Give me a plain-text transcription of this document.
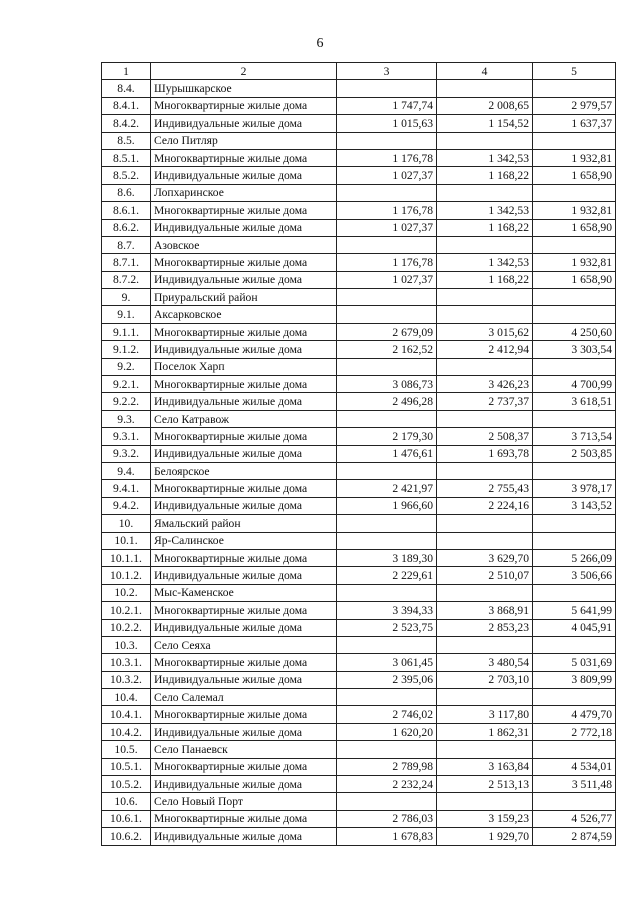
6
1	2	3	4	5
8.4.	Шурышкарское			
8.4.1.	Многоквартирные жилые дома	1 747,74	2 008,65	2 979,57
8.4.2.	Индивидуальные жилые дома	1 015,63	1 154,52	1 637,37
8.5.	Село Питляр			
8.5.1.	Многоквартирные жилые дома	1 176,78	1 342,53	1 932,81
8.5.2.	Индивидуальные жилые дома	1 027,37	1 168,22	1 658,90
8.6.	Лопхаринское			
8.6.1.	Многоквартирные жилые дома	1 176,78	1 342,53	1 932,81
8.6.2.	Индивидуальные жилые дома	1 027,37	1 168,22	1 658,90
8.7.	Азовское			
8.7.1.	Многоквартирные жилые дома	1 176,78	1 342,53	1 932,81
8.7.2.	Индивидуальные жилые дома	1 027,37	1 168,22	1 658,90
9.	Приуральский район			
9.1.	Аксарковское			
9.1.1.	Многоквартирные жилые дома	2 679,09	3 015,62	4 250,60
9.1.2.	Индивидуальные жилые дома	2 162,52	2 412,94	3 303,54
9.2.	Поселок Харп			
9.2.1.	Многоквартирные жилые дома	3 086,73	3 426,23	4 700,99
9.2.2.	Индивидуальные жилые дома	2 496,28	2 737,37	3 618,51
9.3.	Село Катравож			
9.3.1.	Многоквартирные жилые дома	2 179,30	2 508,37	3 713,54
9.3.2.	Индивидуальные жилые дома	1 476,61	1 693,78	2 503,85
9.4.	Белоярское			
9.4.1.	Многоквартирные жилые дома	2 421,97	2 755,43	3 978,17
9.4.2.	Индивидуальные жилые дома	1 966,60	2 224,16	3 143,52
10.	Ямальский район			
10.1.	Яр-Салинское			
10.1.1.	Многоквартирные жилые дома	3 189,30	3 629,70	5 266,09
10.1.2.	Индивидуальные жилые дома	2 229,61	2 510,07	3 506,66
10.2.	Мыс-Каменское			
10.2.1.	Многоквартирные жилые дома	3 394,33	3 868,91	5 641,99
10.2.2.	Индивидуальные жилые дома	2 523,75	2 853,23	4 045,91
10.3.	Село Сеяха			
10.3.1.	Многоквартирные жилые дома	3 061,45	3 480,54	5 031,69
10.3.2.	Индивидуальные жилые дома	2 395,06	2 703,10	3 809,99
10.4.	Село Салемал			
10.4.1.	Многоквартирные жилые дома	2 746,02	3 117,80	4 479,70
10.4.2.	Индивидуальные жилые дома	1 620,20	1 862,31	2 772,18
10.5.	Село Панаевск			
10.5.1.	Многоквартирные жилые дома	2 789,98	3 163,84	4 534,01
10.5.2.	Индивидуальные жилые дома	2 232,24	2 513,13	3 511,48
10.6.	Село Новый Порт			
10.6.1.	Многоквартирные жилые дома	2 786,03	3 159,23	4 526,77
10.6.2.	Индивидуальные жилые дома	1 678,83	1 929,70	2 874,59
